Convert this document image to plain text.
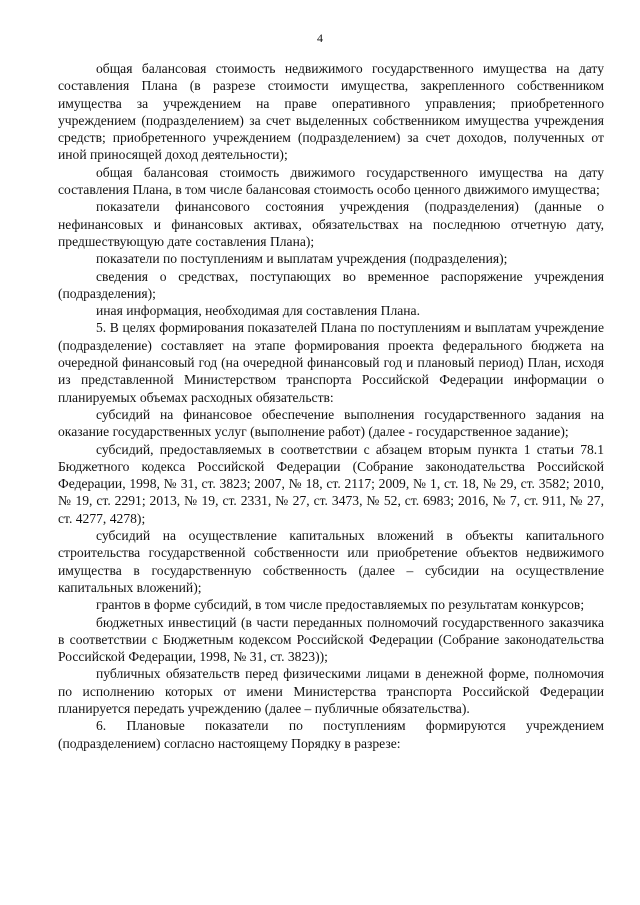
4

общая балансовая стоимость недвижимого государственного имущества на дату составления Плана (в разрезе стоимости имущества, закрепленного собственником имущества за учреждением на праве оперативного управления; приобретенного учреждением (подразделением) за счет выделенных собственником имущества учреждения средств; приобретенного учреждением (подразделением) за счет доходов, полученных от иной приносящей доход деятельности);

общая балансовая стоимость движимого государственного имущества на дату составления Плана, в том числе балансовая стоимость особо ценного движимого имущества;

показатели финансового состояния учреждения (подразделения) (данные о нефинансовых и финансовых активах, обязательствах на последнюю отчетную дату, предшествующую дате составления Плана);

показатели по поступлениям и выплатам учреждения (подразделения);

сведения о средствах, поступающих во временное распоряжение учреждения (подразделения);

иная информация, необходимая для составления Плана.

5. В целях формирования показателей Плана по поступлениям и выплатам учреждение (подразделение) составляет на этапе формирования проекта федерального бюджета на очередной финансовый год (на очередной финансовый год и плановый период) План, исходя из представленной Министерством транспорта Российской Федерации информации о планируемых объемах расходных обязательств:

субсидий на финансовое обеспечение выполнения государственного задания на оказание государственных услуг (выполнение работ) (далее - государственное задание);

субсидий, предоставляемых в соответствии с абзацем вторым пункта 1 статьи 78.1 Бюджетного кодекса Российской Федерации (Собрание законодательства Российской Федерации, 1998, № 31, ст. 3823; 2007, № 18, ст. 2117; 2009, № 1, ст. 18, № 29, ст. 3582; 2010, № 19, ст. 2291; 2013, № 19, ст. 2331, № 27, ст. 3473, № 52, ст. 6983; 2016, № 7, ст. 911, № 27, ст. 4277, 4278);

субсидий на осуществление капитальных вложений в объекты капитального строительства государственной собственности или приобретение объектов недвижимого имущества в государственную собственность (далее – субсидии на осуществление капитальных вложений);

грантов в форме субсидий, в том числе предоставляемых по результатам конкурсов;

бюджетных инвестиций (в части переданных полномочий государственного заказчика в соответствии с Бюджетным кодексом Российской Федерации (Собрание законодательства Российской Федерации, 1998, № 31, ст. 3823));

публичных обязательств перед физическими лицами в денежной форме, полномочия по исполнению которых от имени Министерства транспорта Российской Федерации планируется передать учреждению (далее – публичные обязательства).

6. Плановые показатели по поступлениям формируются учреждением (подразделением) согласно настоящему Порядку в разрезе:
